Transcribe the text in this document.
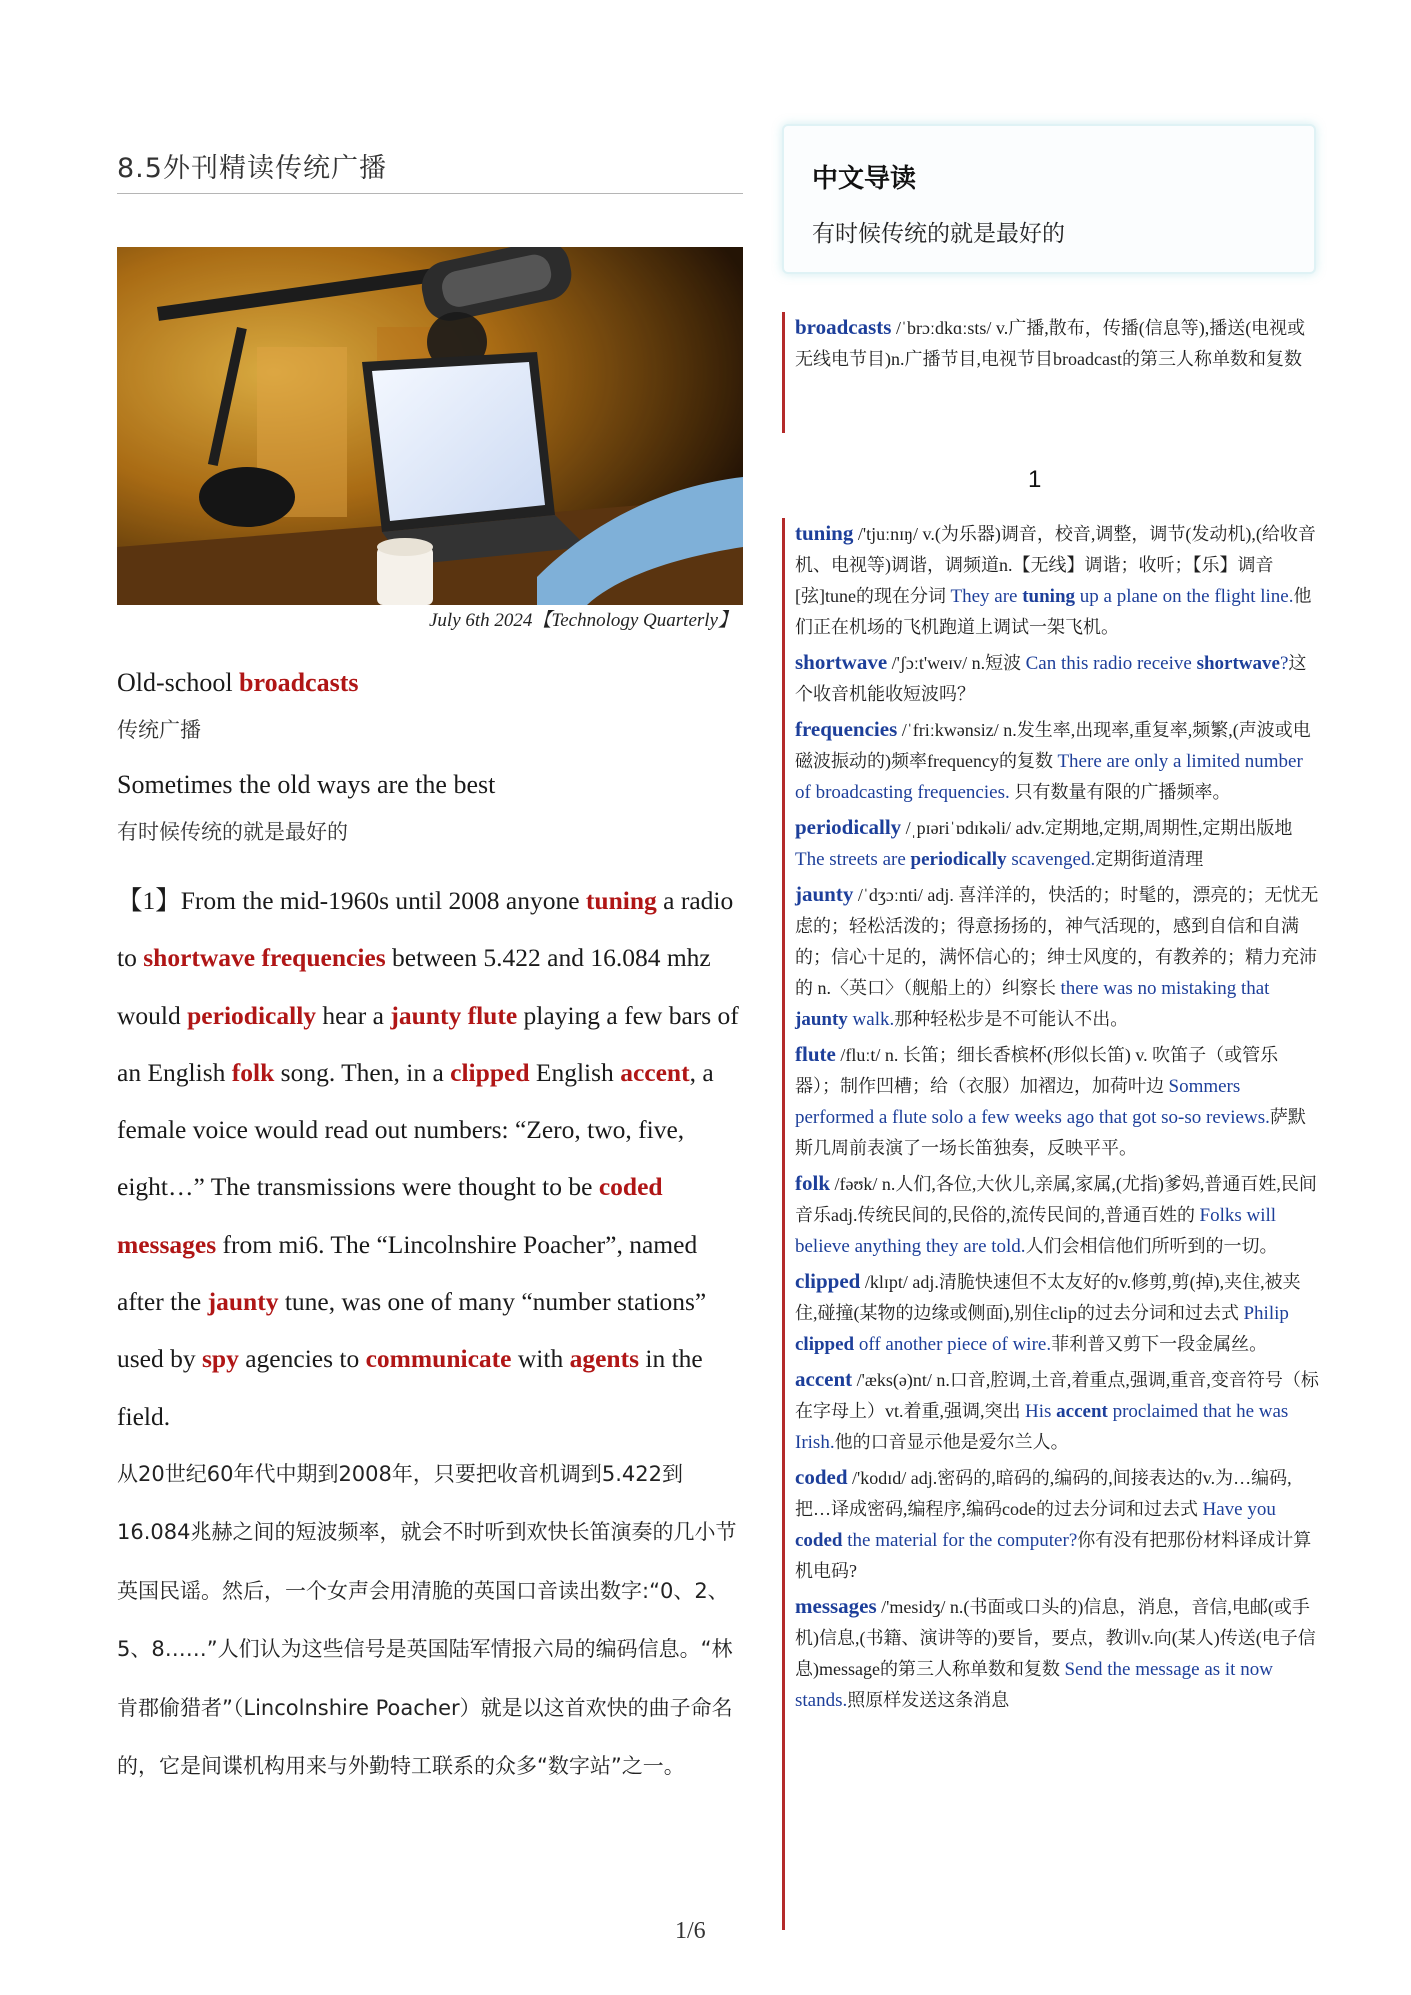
8.5外刊精读传统广播
July 6th 2024【Technology Quarterly】

Old-school broadcasts

传统广播

Sometimes the old ways are the best

有时候传统的就是最好的

【1】From the mid-1960s until 2008 anyone tuning a radio to shortwave frequencies between 5.422 and 16.084 mhz would periodically hear a jaunty flute playing a few bars of an English folk song. Then, in a clipped English accent, a female voice would read out numbers: “Zero, two, five, eight…” The transmissions were thought to be coded messages from mi6. The “Lincolnshire Poacher”, named after the jaunty tune, was one of many “number stations” used by spy agencies to communicate with agents in the field.

从20世纪60年代中期到2008年，只要把收音机调到5.422到16.084兆赫之间的短波频率，就会不时听到欢快长笛演奏的几小节英国民谣。然后，一个女声会用清脆的英国口音读出数字:“0、2、5、8……”人们认为这些信号是英国陆军情报六局的编码信息。“林肯郡偷猎者”（Lincolnshire Poacher）就是以这首欢快的曲子命名的，它是间谍机构用来与外勤特工联系的众多“数字站”之一。

1/6
中文导读
有时候传统的就是最好的
broadcasts /ˈbrɔːdkɑːsts/ v.广播,散布，传播(信息等),播送(电视或无线电节目)n.广播节目,电视节目broadcast的第三人称单数和复数
1
tuning /'tjuːnɪŋ/ v.(为乐器)调音，校音,调整，调节(发动机),(给收音机、电视等)调谐，调频道n.【无线】调谐；收听；【乐】调音[弦]tune的现在分词 They are tuning up a plane on the flight line.他们正在机场的飞机跑道上调试一架飞机。
shortwave /'ʃɔːt'weɪv/ n.短波 Can this radio receive shortwave?这个收音机能收短波吗？
frequencies /ˈfriːkwənsiz/ n.发生率,出现率,重复率,频繁,(声波或电磁波振动的)频率frequency的复数 There are only a limited number of broadcasting frequencies. 只有数量有限的广播频率。
periodically /ˌpɪəriˈɒdɪkəli/ adv.定期地,定期,周期性,定期出版地 The streets are periodically scavenged.定期街道清理
jaunty /ˈdʒɔːnti/ adj. 喜洋洋的，快活的；时髦的，漂亮的；无忧无虑的；轻松活泼的；得意扬扬的，神气活现的，感到自信和自满的；信心十足的，满怀信心的；绅士风度的，有教养的；精力充沛的 n.〈英口〉（舰船上的）纠察长 there was no mistaking that jaunty walk.那种轻松步是不可能认不出。
flute /fluːt/ n. 长笛；细长香槟杯(形似长笛) v. 吹笛子（或管乐器）；制作凹槽；给（衣服）加褶边，加荷叶边 Sommers performed a flute solo a few weeks ago that got so-so reviews.萨默斯几周前表演了一场长笛独奏，反映平平。
folk /fəʊk/ n.人们,各位,大伙儿,亲属,家属,(尤指)爹妈,普通百姓,民间音乐adj.传统民间的,民俗的,流传民间的,普通百姓的 Folks will believe anything they are told.人们会相信他们所听到的一切。
clipped /klɪpt/ adj.清脆快速但不太友好的v.修剪,剪(掉),夹住,被夹住,碰撞(某物的边缘或侧面),别住clip的过去分词和过去式 Philip clipped off another piece of wire.菲利普又剪下一段金属丝。
accent /'æks(ə)nt/ n.口音,腔调,土音,着重点,强调,重音,变音符号（标在字母上）vt.着重,强调,突出 His accent proclaimed that he was Irish.他的口音显示他是爱尔兰人。
coded /'kodɪd/ adj.密码的,暗码的,编码的,间接表达的v.为…编码,把…译成密码,编程序,编码code的过去分词和过去式 Have you coded the material for the computer?你有没有把那份材料译成计算机电码?
messages /'mesidʒ/ n.(书面或口头的)信息，消息，音信,电邮(或手机)信息,(书籍、演讲等的)要旨，要点，教训v.向(某人)传送(电子信息)message的第三人称单数和复数 Send the message as it now stands.照原样发送这条消息
